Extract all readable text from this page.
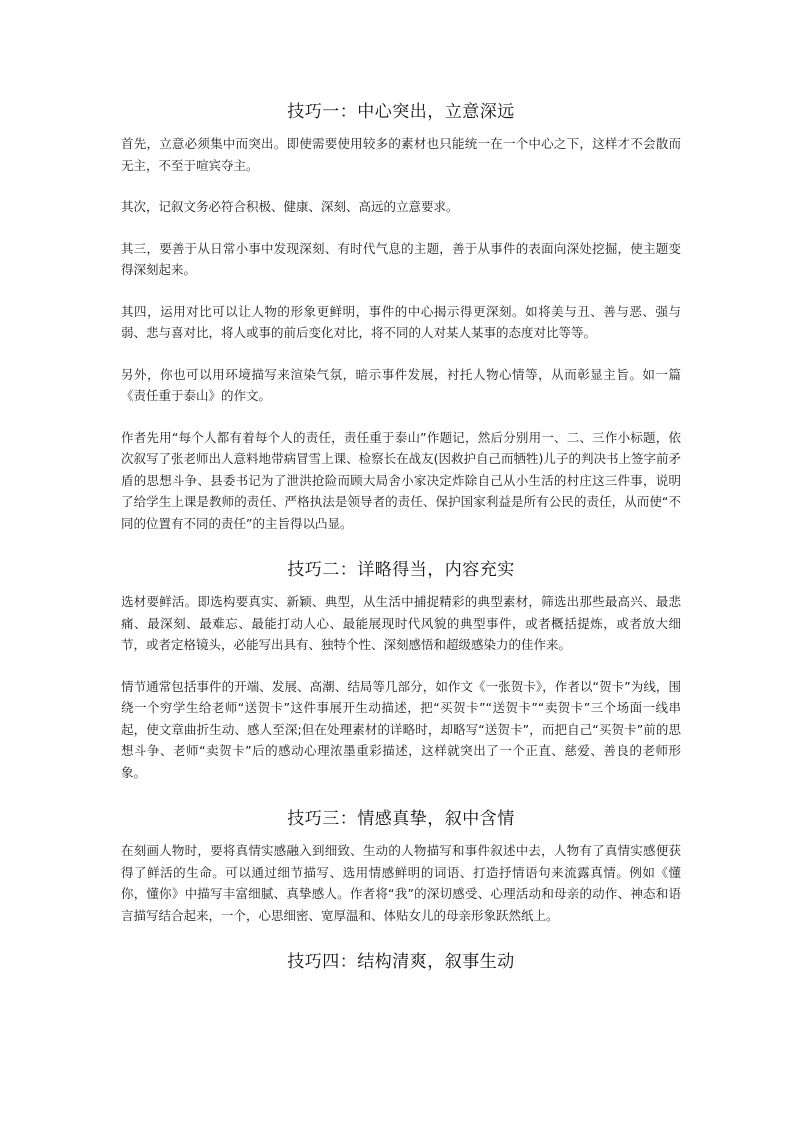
技巧一：中心突出，立意深远

首先，立意必须集中而突出。即使需要使用较多的素材也只能统一在一个中心之下，这样才不会散而无主，不至于喧宾夺主。

其次，记叙文务必符合积极、健康、深刻、高远的立意要求。

其三，要善于从日常小事中发现深刻、有时代气息的主题，善于从事件的表面向深处挖掘，使主题变得深刻起来。

其四，运用对比可以让人物的形象更鲜明，事件的中心揭示得更深刻。如将美与丑、善与恶、强与弱、悲与喜对比，将人或事的前后变化对比，将不同的人对某人某事的态度对比等等。

另外，你也可以用环境描写来渲染气氛，暗示事件发展，衬托人物心情等，从而彰显主旨。如一篇《责任重于泰山》的作文。

作者先用“每个人都有着每个人的责任，责任重于泰山”作题记，然后分别用一、二、三作小标题，依次叙写了张老师出人意料地带病冒雪上课、检察长在战友(因救护自己而牺牲)儿子的判决书上签字前矛盾的思想斗争、县委书记为了泄洪抢险而顾大局舍小家决定炸除自己从小生活的村庄这三件事，说明了给学生上课是教师的责任、严格执法是领导者的责任、保护国家利益是所有公民的责任，从而使“不同的位置有不同的责任”的主旨得以凸显。

技巧二：详略得当，内容充实

选材要鲜活。即选构要真实、新颖、典型，从生活中捕捉精彩的典型素材，筛选出那些最高兴、最悲痛、最深刻、最难忘、最能打动人心、最能展现时代风貌的典型事件，或者概括提炼，或者放大细节，或者定格镜头，必能写出具有、独特个性、深刻感悟和超级感染力的佳作来。

情节通常包括事件的开端、发展、高潮、结局等几部分，如作文《一张贺卡》，作者以“贺卡”为线，围绕一个穷学生给老师“送贺卡”这件事展开生动描述，把“买贺卡”“送贺卡”“卖贺卡”三个场面一线串起，使文章曲折生动、感人至深;但在处理素材的详略时，却略写“送贺卡”，而把自己“买贺卡”前的思想斗争、老师“卖贺卡”后的感动心理浓墨重彩描述，这样就突出了一个正直、慈爱、善良的老师形象。

技巧三：情感真挚，叙中含情

在刻画人物时，要将真情实感融入到细致、生动的人物描写和事件叙述中去，人物有了真情实感便获得了鲜活的生命。可以通过细节描写、选用情感鲜明的词语、打造抒情语句来流露真情。例如《懂你，懂你》中描写丰富细腻、真挚感人。作者将“我”的深切感受、心理活动和母亲的动作、神态和语言描写结合起来，一个，心思细密、宽厚温和、体贴女儿的母亲形象跃然纸上。

技巧四：结构清爽，叙事生动
